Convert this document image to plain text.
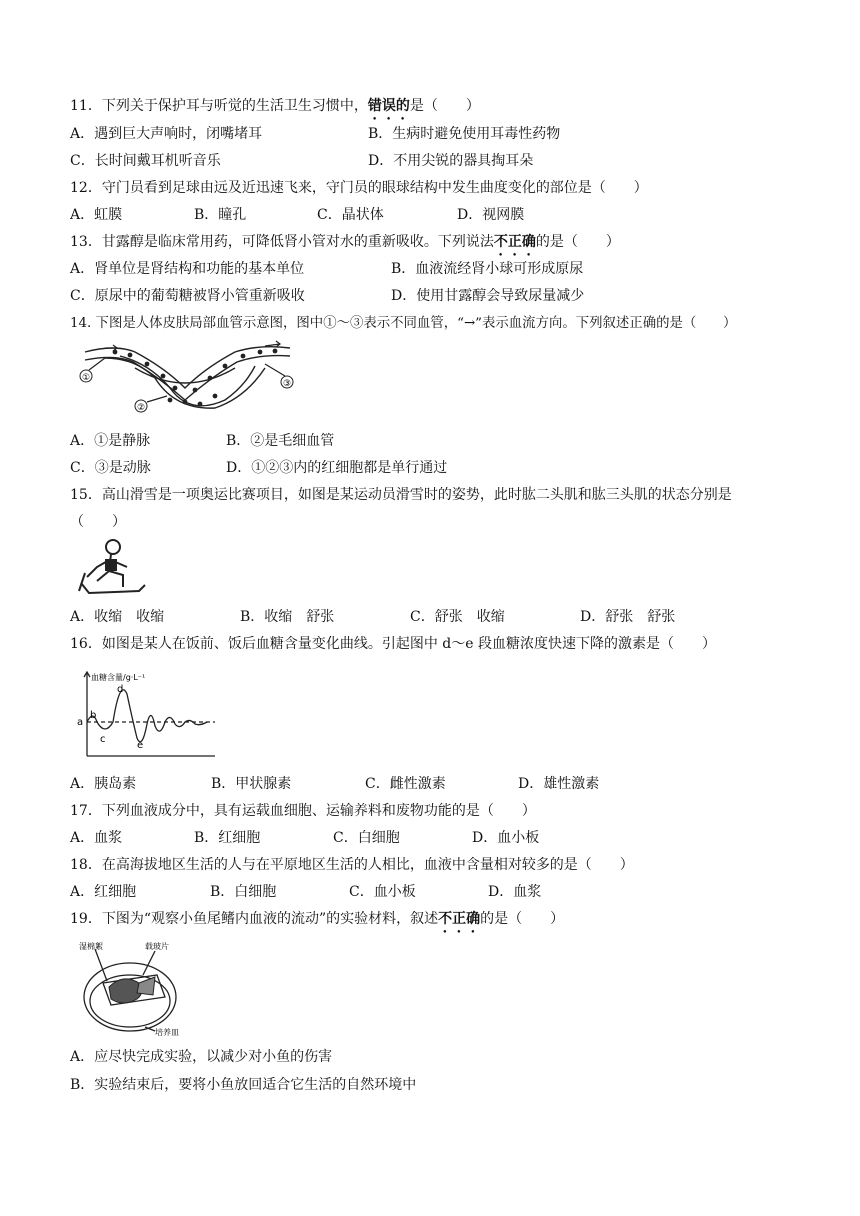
11．下列关于保护耳与听觉的生活卫生习惯中，错误的是（　　）
A．遇到巨大声响时，闭嘴堵耳	B．生病时避免使用耳毒性药物
C．长时间戴耳机听音乐	D．不用尖锐的器具掏耳朵
12．守门员看到足球由远及近迅速飞来，守门员的眼球结构中发生曲度变化的部位是（　　）
A．虹膜	B．瞳孔	C．晶状体	D．视网膜
13．甘露醇是临床常用药，可降低肾小管对水的重新吸收。下列说法不正确的是（　　）
A．肾单位是肾结构和功能的基本单位	B．血液流经肾小球可形成原尿
C．原尿中的葡萄糖被肾小管重新吸收	D．使用甘露醇会导致尿量减少
14. 下图是人体皮肤局部血管示意图，图中①～③表示不同血管，“→”表示血流方向。下列叙述正确的是（　　）
①
②
③
A．①是静脉	B．②是毛细血管
C．③是动脉	D．①②③内的红细胞都是单行通过
15．高山滑雪是一项奥运比赛项目，如图是某运动员滑雪时的姿势，此时肱二头肌和肱三头肌的状态分别是
（　　）
A．收缩　收缩	B．收缩　舒张	C．舒张　收缩	D．舒张　舒张
16．如图是某人在饭前、饭后血糖含量变化曲线。引起图中 d～e 段血糖浓度快速下降的激素是（　　）
血糖含量/g·L⁻¹
a
b
c
d
e
A．胰岛素	B．甲状腺素	C．雌性激素	D．雄性激素
17．下列血液成分中，具有运载血细胞、运输养料和废物功能的是（　　）
A．血浆	B．红细胞	C．白细胞	D．血小板
18．在高海拔地区生活的人与在平原地区生活的人相比，血液中含量相对较多的是（　　）
A．红细胞	B．白细胞	C．血小板	D．血浆
19．下图为“观察小鱼尾鳍内血液的流动”的实验材料，叙述不正确的是（　　）
湿棉絮	载玻片
培养皿
A．应尽快完成实验，以减少对小鱼的伤害
B．实验结束后，要将小鱼放回适合它生活的自然环境中
